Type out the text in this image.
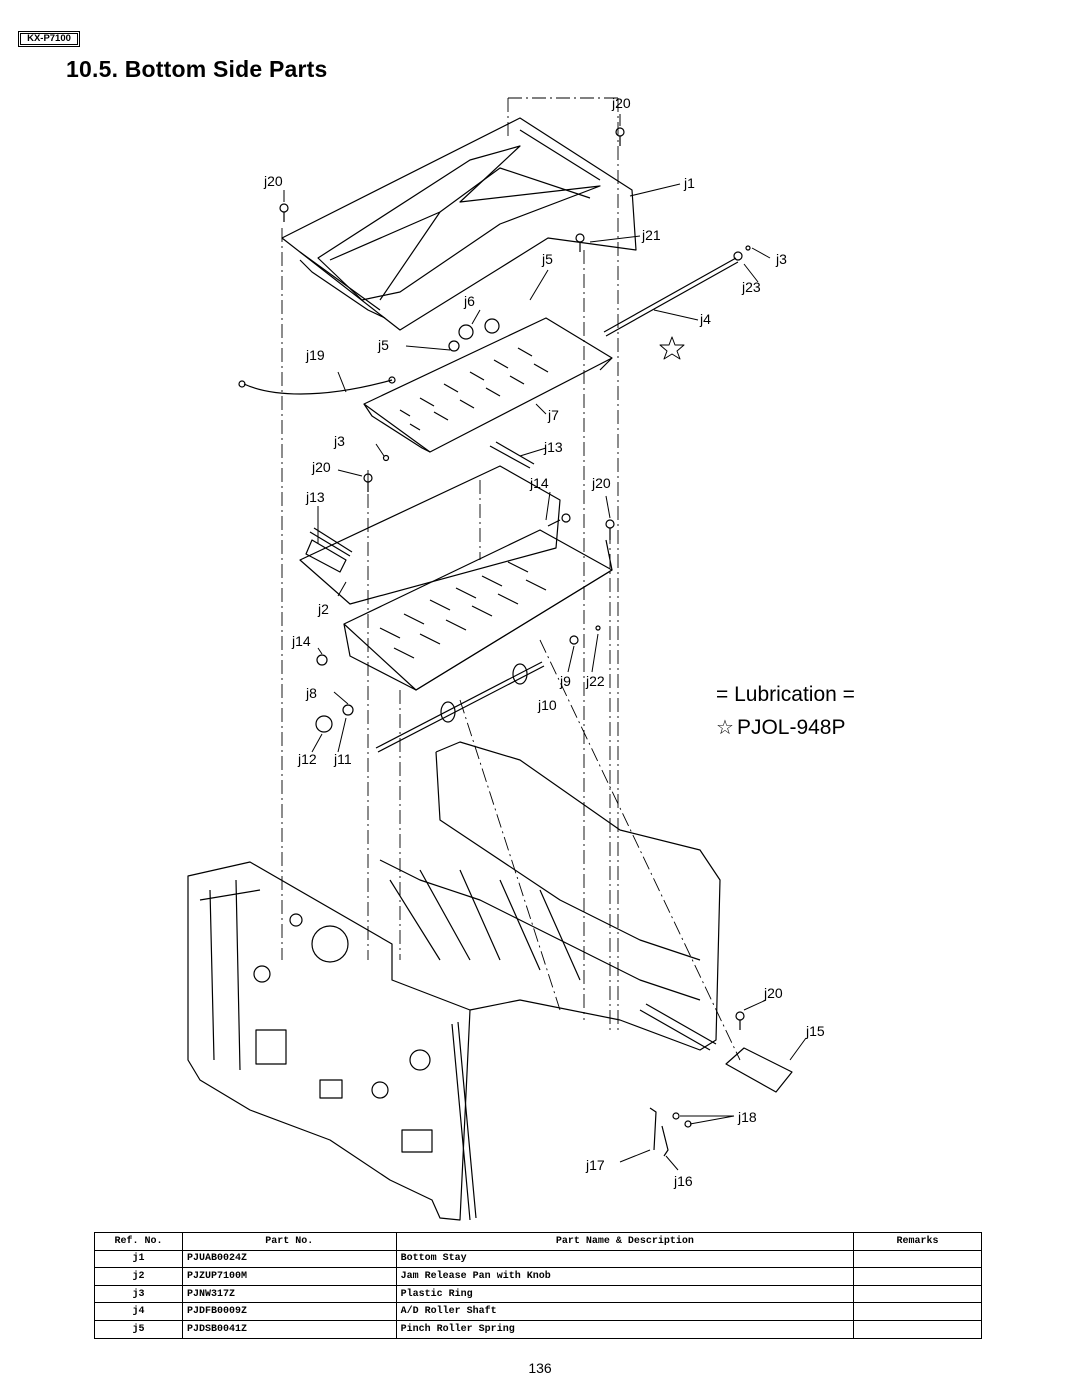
KX-P7100
10.5. Bottom Side Parts
j20
j20	j1
j21
j5	j3
j23
j6
j4
j5
j19
j7
j3	j13
j20
j14	j20
j13
j2
j14
j9 j22
j8
j10
j12 j11
j20
j15
j18
j17
j16
= Lubrication =
☆ PJOL-948P
Ref. No.	Part No.	Part Name & Description	Remarks
j1	PJUAB0024Z	Bottom Stay	
j2	PJZUP7100M	Jam Release Pan with Knob	
j3	PJNW317Z	Plastic Ring	
j4	PJDFB0009Z	A/D Roller Shaft	
j5	PJDSB0041Z	Pinch Roller Spring	
136
